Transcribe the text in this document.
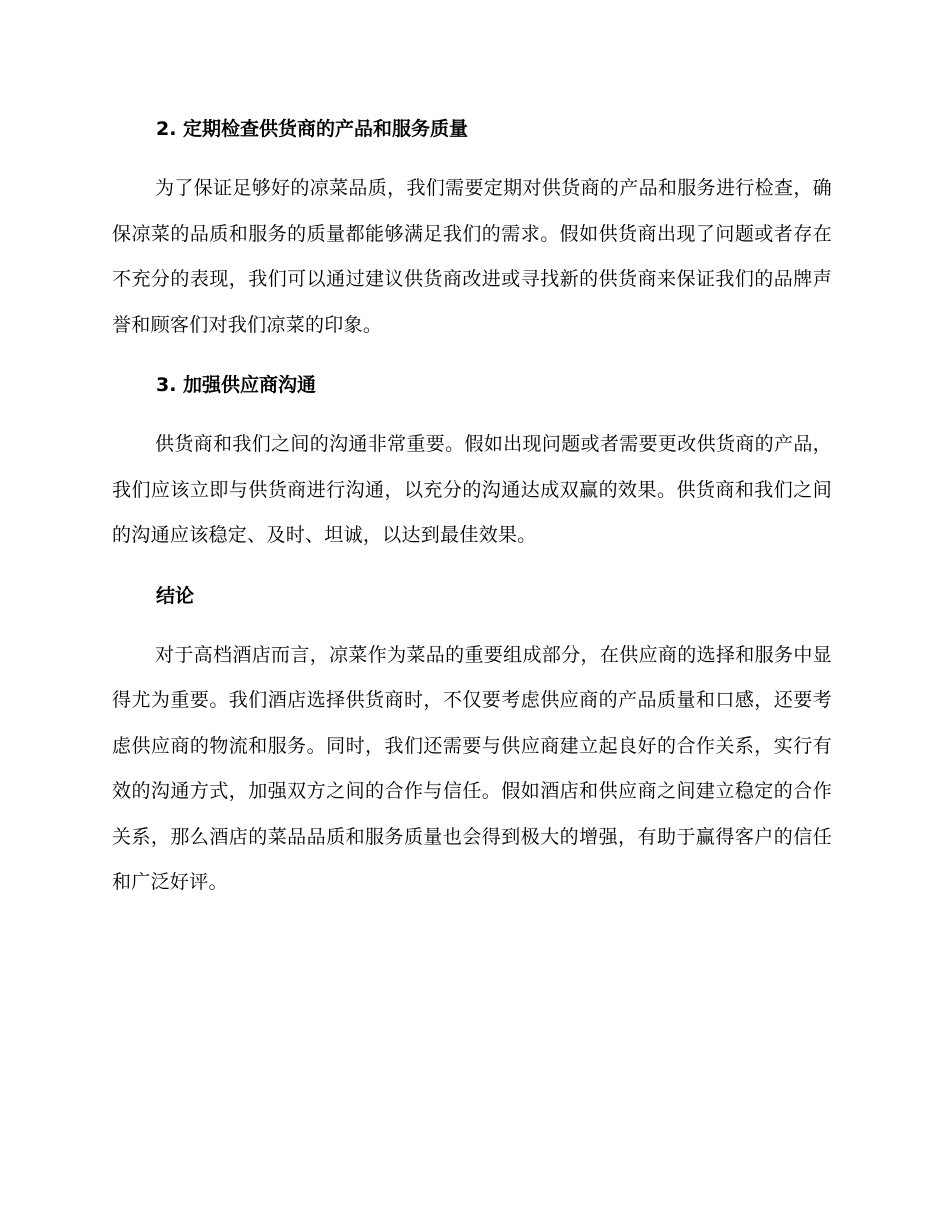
2. 定期检查供货商的产品和服务质量

为了保证足够好的凉菜品质，我们需要定期对供货商的产品和服务进行检查，确保凉菜的品质和服务的质量都能够满足我们的需求。假如供货商出现了问题或者存在不充分的表现，我们可以通过建议供货商改进或寻找新的供货商来保证我们的品牌声誉和顾客们对我们凉菜的印象。

3. 加强供应商沟通

供货商和我们之间的沟通非常重要。假如出现问题或者需要更改供货商的产品，我们应该立即与供货商进行沟通，以充分的沟通达成双赢的效果。供货商和我们之间的沟通应该稳定、及时、坦诚，以达到最佳效果。

结论

对于高档酒店而言，凉菜作为菜品的重要组成部分，在供应商的选择和服务中显得尤为重要。我们酒店选择供货商时，不仅要考虑供应商的产品质量和口感，还要考虑供应商的物流和服务。同时，我们还需要与供应商建立起良好的合作关系，实行有效的沟通方式，加强双方之间的合作与信任。假如酒店和供应商之间建立稳定的合作关系，那么酒店的菜品品质和服务质量也会得到极大的增强，有助于赢得客户的信任和广泛好评。
